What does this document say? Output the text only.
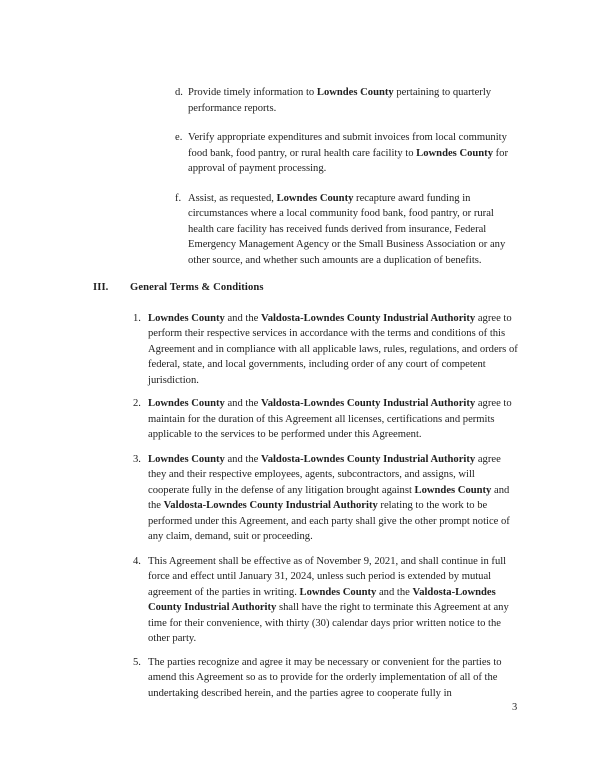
d. Provide timely information to Lowndes County pertaining to quarterly performance reports.
e. Verify appropriate expenditures and submit invoices from local community food bank, food pantry, or rural health care facility to Lowndes County for approval of payment processing.
f. Assist, as requested, Lowndes County recapture award funding in circumstances where a local community food bank, food pantry, or rural health care facility has received funds derived from insurance, Federal Emergency Management Agency or the Small Business Association or any other source, and whether such amounts are a duplication of benefits.
III. General Terms & Conditions
1. Lowndes County and the Valdosta-Lowndes County Industrial Authority agree to perform their respective services in accordance with the terms and conditions of this Agreement and in compliance with all applicable laws, rules, regulations, and orders of federal, state, and local governments, including order of any court of competent jurisdiction.
2. Lowndes County and the Valdosta-Lowndes County Industrial Authority agree to maintain for the duration of this Agreement all licenses, certifications and permits applicable to the services to be performed under this Agreement.
3. Lowndes County and the Valdosta-Lowndes County Industrial Authority agree they and their respective employees, agents, subcontractors, and assigns, will cooperate fully in the defense of any litigation brought against Lowndes County and the Valdosta-Lowndes County Industrial Authority relating to the work to be performed under this Agreement, and each party shall give the other prompt notice of any claim, demand, suit or proceeding.
4. This Agreement shall be effective as of November 9, 2021, and shall continue in full force and effect until January 31, 2024, unless such period is extended by mutual agreement of the parties in writing. Lowndes County and the Valdosta-Lowndes County Industrial Authority shall have the right to terminate this Agreement at any time for their convenience, with thirty (30) calendar days prior written notice to the other party.
5. The parties recognize and agree it may be necessary or convenient for the parties to amend this Agreement so as to provide for the orderly implementation of all of the undertaking described herein, and the parties agree to cooperate fully in
3
